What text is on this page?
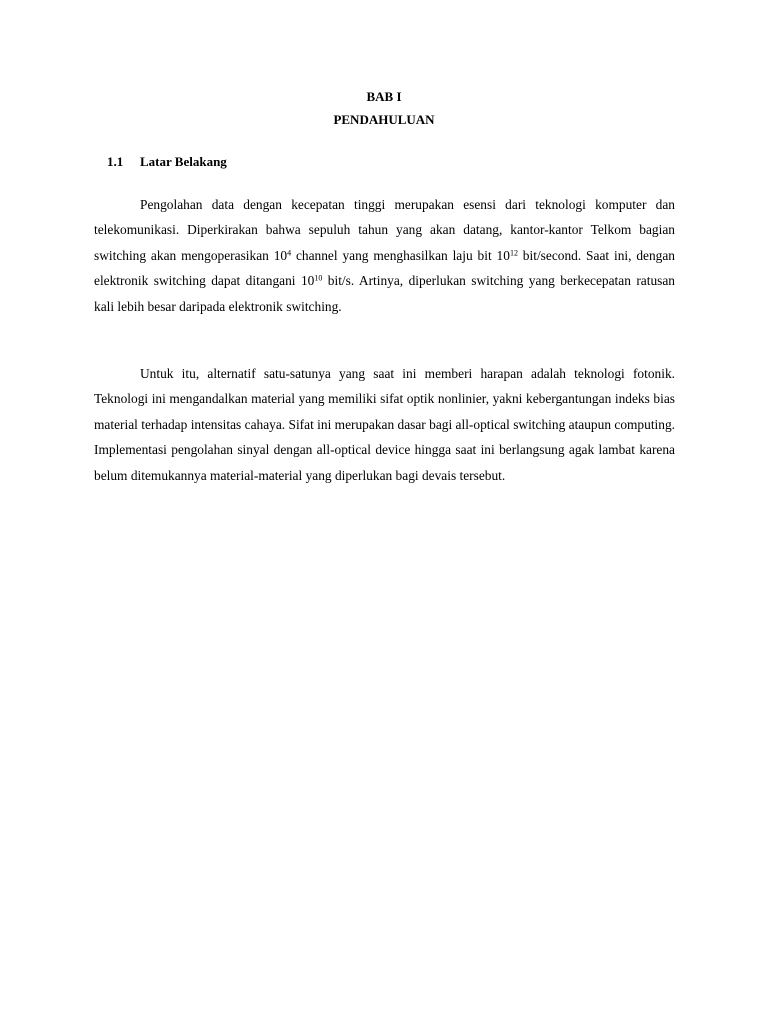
BAB I
PENDAHULUAN
1.1 Latar Belakang

Pengolahan data dengan kecepatan tinggi merupakan esensi dari teknologi komputer dan telekomunikasi. Diperkirakan bahwa sepuluh tahun yang akan datang, kantor-kantor Telkom bagian switching akan mengoperasikan $10^4$ channel yang menghasilkan laju bit $10^{12}$ bit/second. Saat ini, dengan elektronik switching dapat ditangani $10^{10}$ bit/s. Artinya, diperlukan switching yang berkecepatan ratusan kali lebih besar daripada elektronik switching.

Untuk itu, alternatif satu-satunya yang saat ini memberi harapan adalah teknologi fotonik. Teknologi ini mengandalkan material yang memiliki sifat optik nonlinier, yakni kebergantungan indeks bias material terhadap intensitas cahaya. Sifat ini merupakan dasar bagi all-optical switching ataupun computing. Implementasi pengolahan sinyal dengan all-optical device hingga saat ini berlangsung agak lambat karena belum ditemukannya material-material yang diperlukan bagi devais tersebut.
